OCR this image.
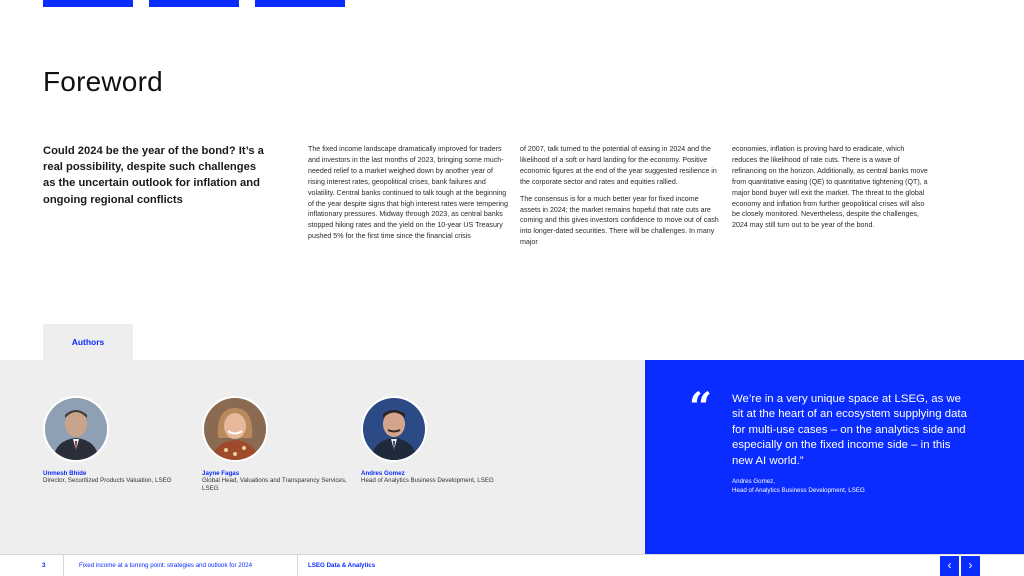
Foreword
Could 2024 be the year of the bond? It’s a real possibility, despite such challenges as the uncertain outlook for inflation and ongoing regional conflicts

The fixed income landscape dramatically improved for traders and investors in the last months of 2023, bringing some much-needed relief to a market weighed down by another year of rising interest rates, geopolitical crises, bank failures and volatility. Central banks continued to talk tough at the beginning of the year despite signs that high interest rates were tempering inflationary pressures. Midway through 2023, as central banks stopped hiking rates and the yield on the 10-year US Treasury pushed 5% for the first time since the financial crisis

of 2007, talk turned to the potential of easing in 2024 and the likelihood of a soft or hard landing for the economy. Positive economic figures at the end of the year suggested resilience in the corporate sector and rates and equities rallied.

The consensus is for a much better year for fixed income assets in 2024; the market remains hopeful that rate cuts are coming and this gives investors confidence to move out of cash into longer-dated securities. There will be challenges. In many major

economies, inflation is proving hard to eradicate, which reduces the likelihood of rate cuts. There is a wave of refinancing on the horizon. Additionally, as central banks move from quantitative easing (QE) to quantitative tightening (QT), a major bond buyer will exit the market. The threat to the global economy and inflation from further geopolitical crises will also be closely monitored. Nevertheless, despite the challenges, 2024 may still turn out to be year of the bond.

Authors
Unmesh Bhide
Director, Securitized Products Valuation, LSEG
Jayne Fagas
Global Head, Valuations and Transparency Services, LSEG
Andres Gomez
Head of Analytics Business Development, LSEG
“ We’re in a very unique space at LSEG, as we sit at the heart of an ecosystem supplying data for multi-use cases – on the analytics side and especially on the fixed income side – in this new AI world.”
Andres Gomez,
Head of Analytics Business Development, LSEG
3	Fixed income at a turning point: strategies and outlook for 2024	LSEG Data & Analytics	‹	›
